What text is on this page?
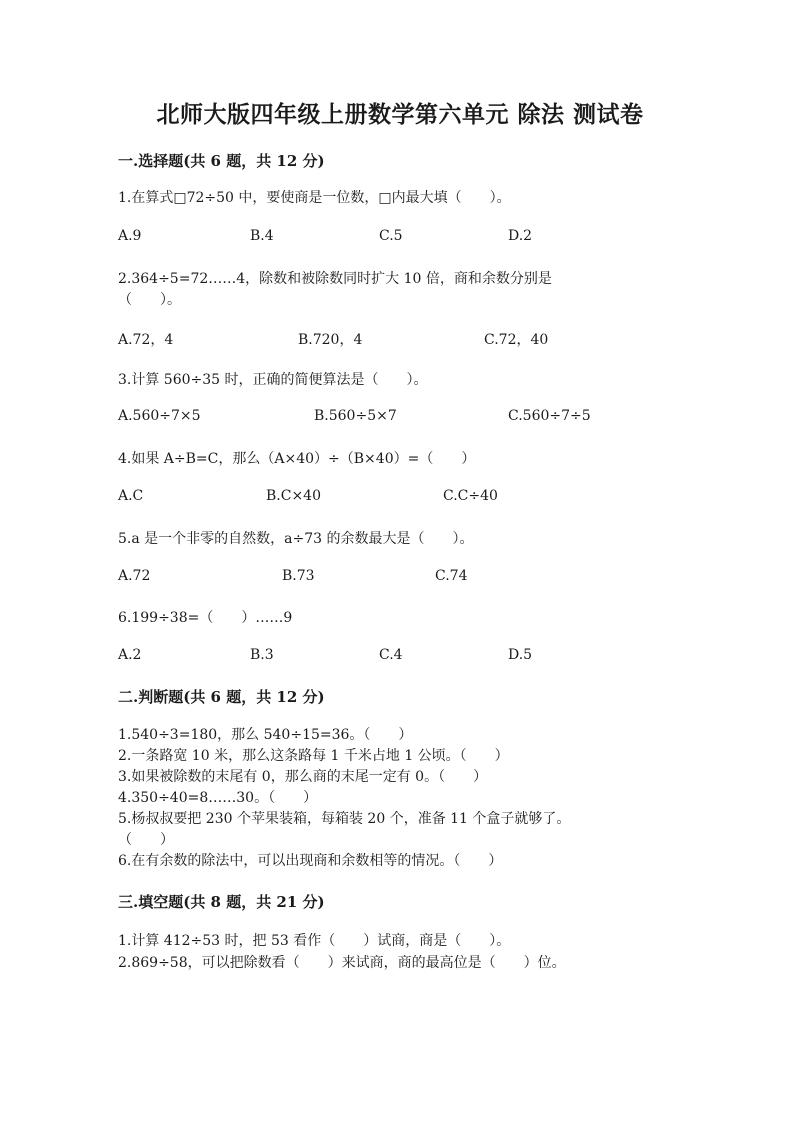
北师大版四年级上册数学第六单元 除法 测试卷

一.选择题(共 6 题，共 12 分)

1.在算式□72÷50 中，要使商是一位数，□内最大填（　　）。

A.9	B.4	C.5	D.2

2.364÷5=72……4，除数和被除数同时扩大 10 倍，商和余数分别是

（　　）。

A.72，4	B.720，4	C.72，40

3.计算 560÷35 时，正确的简便算法是（　　）。

A.560÷7×5	B.560÷5×7	C.560÷7÷5

4.如果 A÷B=C，那么（A×40）÷（B×40）=（　　）

A.C	B.C×40	C.C÷40

5.a 是一个非零的自然数，a÷73 的余数最大是（　　）。

A.72	B.73	C.74

6.199÷38=（　　）……9

A.2	B.3	C.4	D.5

二.判断题(共 6 题，共 12 分)

1.540÷3=180，那么 540÷15=36。（　　）

2.一条路宽 10 米，那么这条路每 1 千米占地 1 公顷。（　　）

3.如果被除数的末尾有 0，那么商的末尾一定有 0。（　　）

4.350÷40=8……30。（　　）

5.杨叔叔要把 230 个苹果装箱，每箱装 20 个，准备 11 个盒子就够了。

（　　）

6.在有余数的除法中，可以出现商和余数相等的情况。（　　）

三.填空题(共 8 题，共 21 分)

1.计算 412÷53 时，把 53 看作（　　）试商，商是（　　）。

2.869÷58，可以把除数看（　　）来试商，商的最高位是（　　）位。
